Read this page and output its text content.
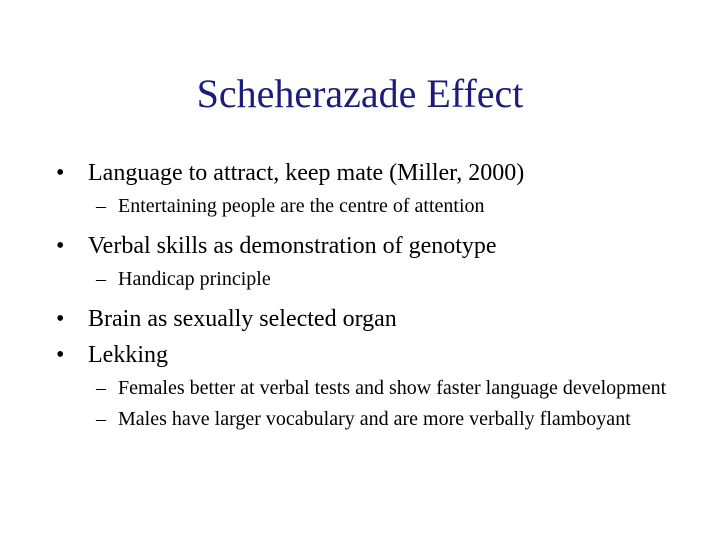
Scheherazade Effect
• Language to attract, keep mate (Miller, 2000)
– Entertaining people are the centre of attention
• Verbal skills as demonstration of genotype
– Handicap principle
• Brain as sexually selected organ
• Lekking
– Females better at verbal tests and show faster language development
– Males have larger vocabulary and are more verbally flamboyant
